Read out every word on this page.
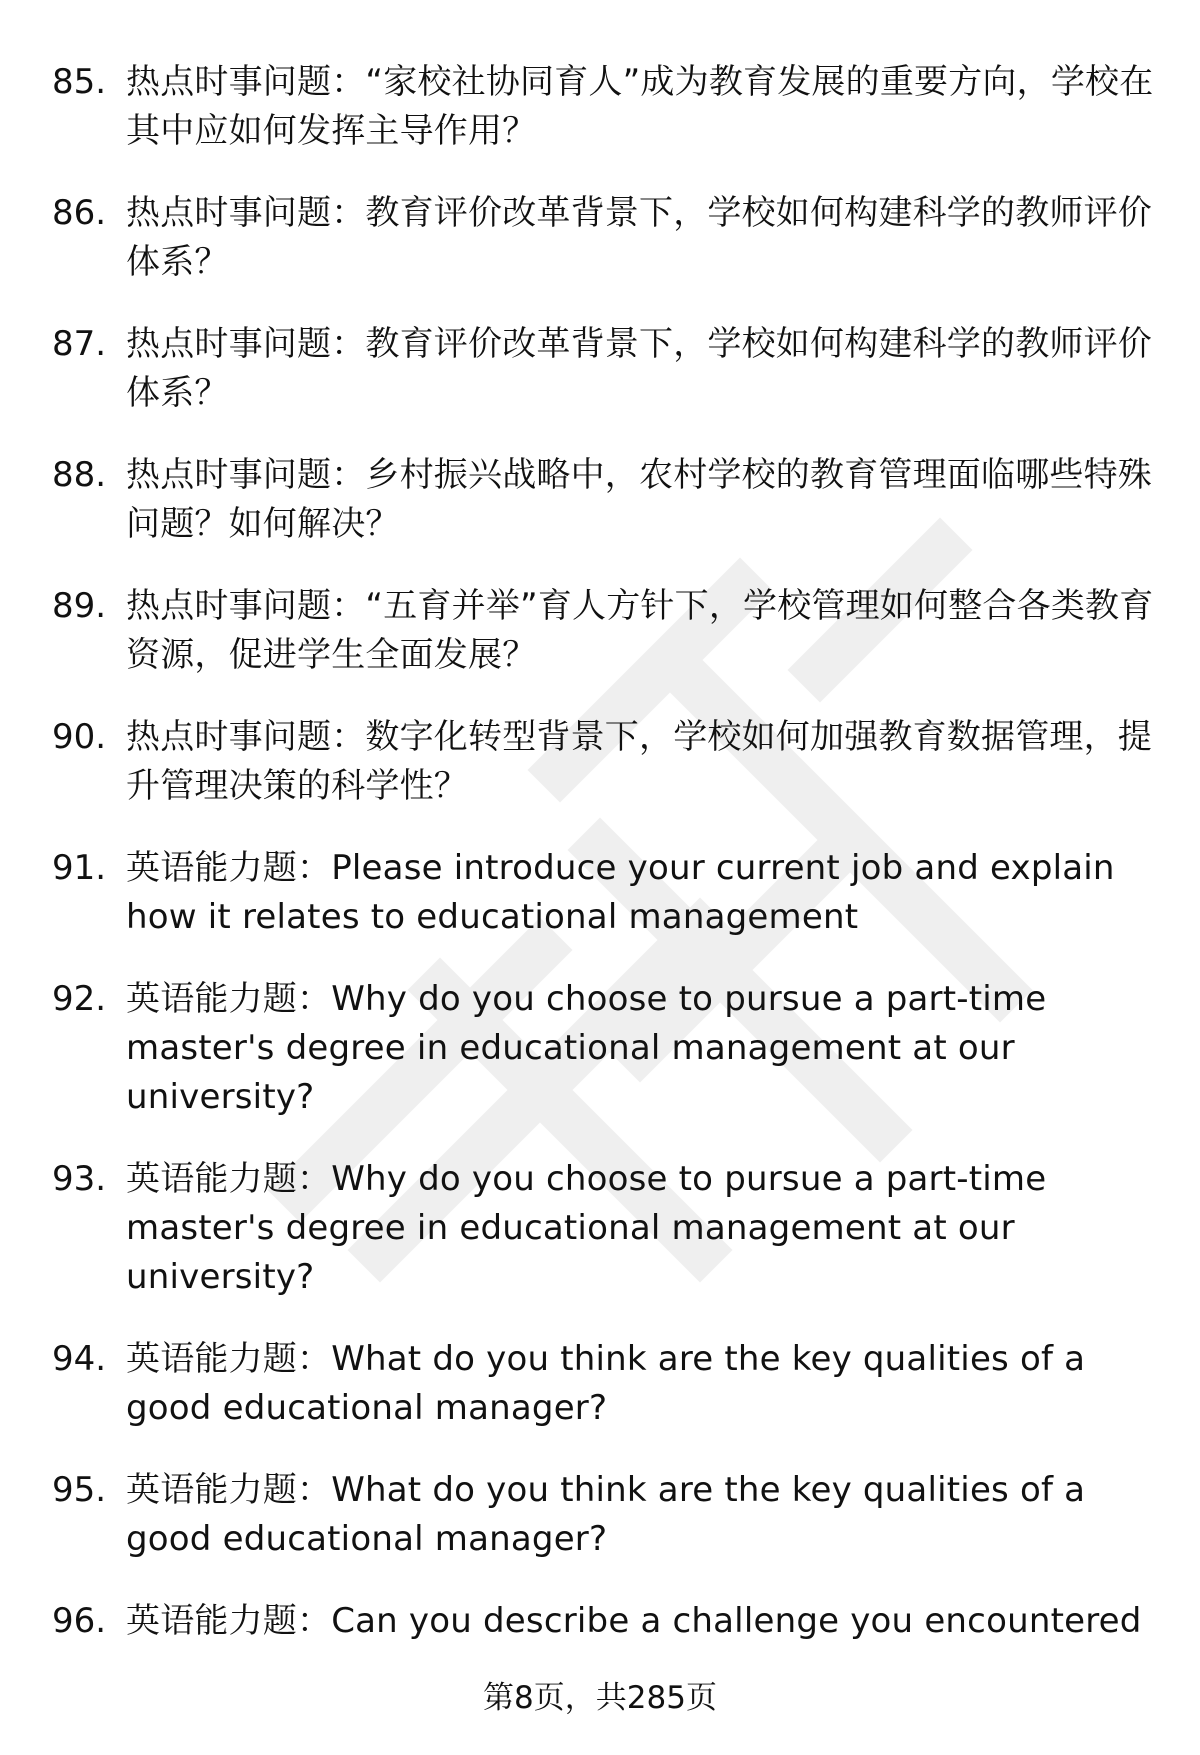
85. 热点时事问题：“家校社协同育人”成为教育发展的重要方向，学校在其中应如何发挥主导作用？
86. 热点时事问题：教育评价改革背景下，学校如何构建科学的教师评价体系？
87. 热点时事问题：教育评价改革背景下，学校如何构建科学的教师评价体系？
88. 热点时事问题：乡村振兴战略中，农村学校的教育管理面临哪些特殊问题？如何解决？
89. 热点时事问题：“五育并举”育人方针下，学校管理如何整合各类教育资源，促进学生全面发展？
90. 热点时事问题：数字化转型背景下，学校如何加强教育数据管理，提升管理决策的科学性？
91. 英语能力题：Please introduce your current job and explain how it relates to educational management
92. 英语能力题：Why do you choose to pursue a part-time master's degree in educational management at our university?
93. 英语能力题：Why do you choose to pursue a part-time master's degree in educational management at our university?
94. 英语能力题：What do you think are the key qualities of a good educational manager?
95. 英语能力题：What do you think are the key qualities of a good educational manager?
96. 英语能力题：Can you describe a challenge you encountered
第8页，共285页
